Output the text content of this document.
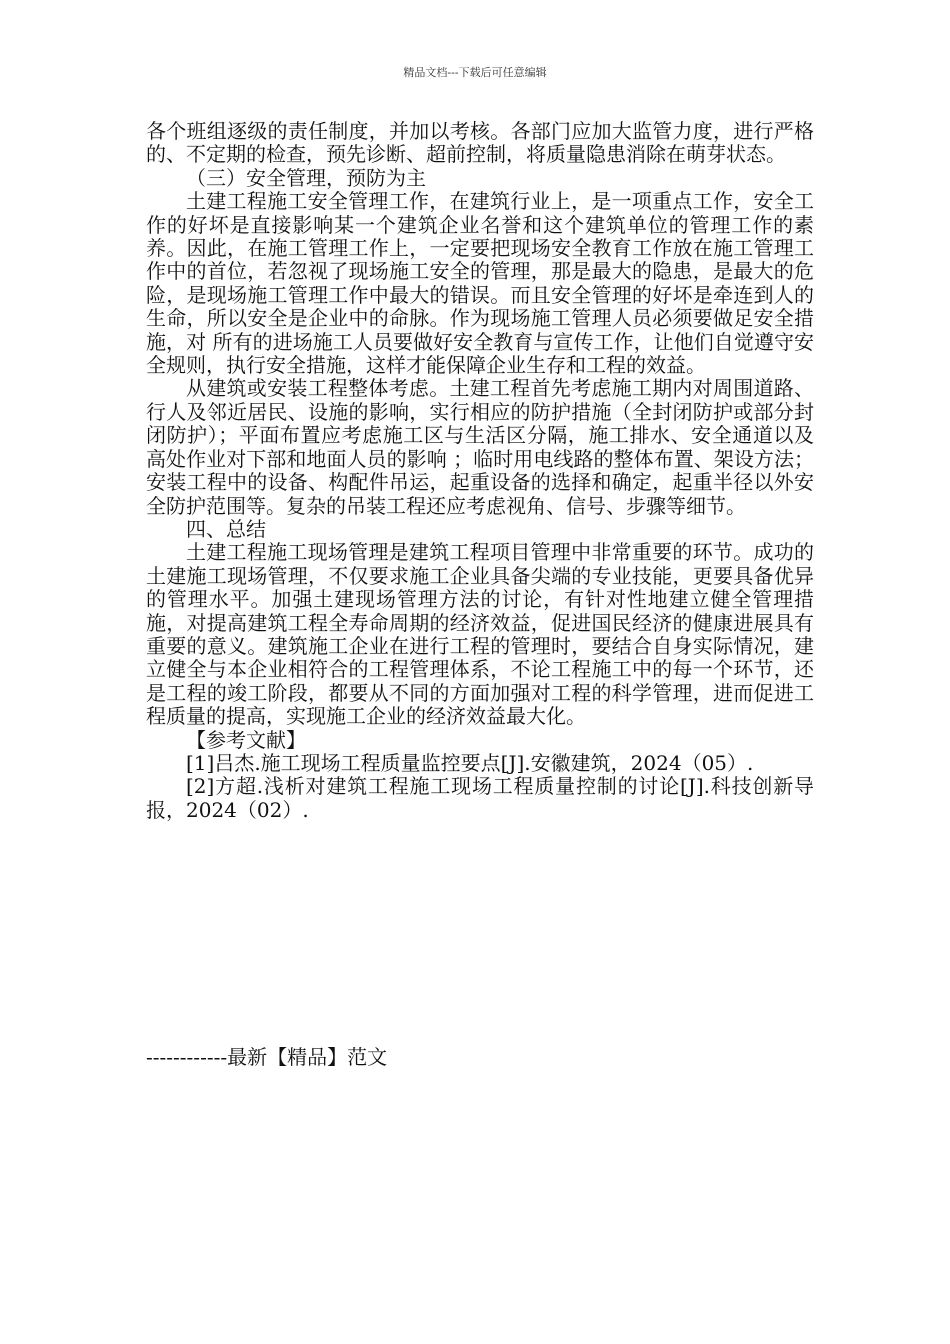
精品文档---下载后可任意编辑

各个班组逐级的责任制度，并加以考核。各部门应加大监管力度，进行严格的、不定期的检查，预先诊断、超前控制，将质量隐患消除在萌芽状态。

（三）安全管理，预防为主

土建工程施工安全管理工作，在建筑行业上，是一项重点工作，安全工作的好坏是直接影响某一个建筑企业名誉和这个建筑单位的管理工作的素养。因此，在施工管理工作上，一定要把现场安全教育工作放在施工管理工作中的首位，若忽视了现场施工安全的管理，那是最大的隐患，是最大的危险，是现场施工管理工作中最大的错误。而且安全管理的好坏是牵连到人的生命，所以安全是企业中的命脉。作为现场施工管理人员必须要做足安全措施，对 所有的进场施工人员要做好安全教育与宣传工作，让他们自觉遵守安全规则，执行安全措施，这样才能保障企业生存和工程的效益。

从建筑或安装工程整体考虑。土建工程首先考虑施工期内对周围道路、行人及邻近居民、设施的影响，实行相应的防护措施（全封闭防护或部分封闭防护）；平面布置应考虑施工区与生活区分隔，施工排水、安全通道以及高处作业对下部和地面人员的影响 ；临时用电线路的整体布置、架设方法；安装工程中的设备、构配件吊运，起重设备的选择和确定，起重半径以外安全防护范围等。复杂的吊装工程还应考虑视角、信号、步骤等细节。

四、总结

土建工程施工现场管理是建筑工程项目管理中非常重要的环节。成功的土建施工现场管理，不仅要求施工企业具备尖端的专业技能，更要具备优异的管理水平。加强土建现场管理方法的讨论，有针对性地建立健全管理措施，对提高建筑工程全寿命周期的经济效益，促进国民经济的健康进展具有重要的意义。建筑施工企业在进行工程的管理时，要结合自身实际情况，建立健全与本企业相符合的工程管理体系，不论工程施工中的每一个环节，还是工程的竣工阶段，都要从不同的方面加强对工程的科学管理，进而促进工程质量的提高，实现施工企业的经济效益最大化。

【参考文献】

[1]吕杰.施工现场工程质量监控要点[J].安徽建筑，2024（05）.

[2]方超.浅析对建筑工程施工现场工程质量控制的讨论[J].科技创新导报，2024（02）.

------------最新【精品】范文
